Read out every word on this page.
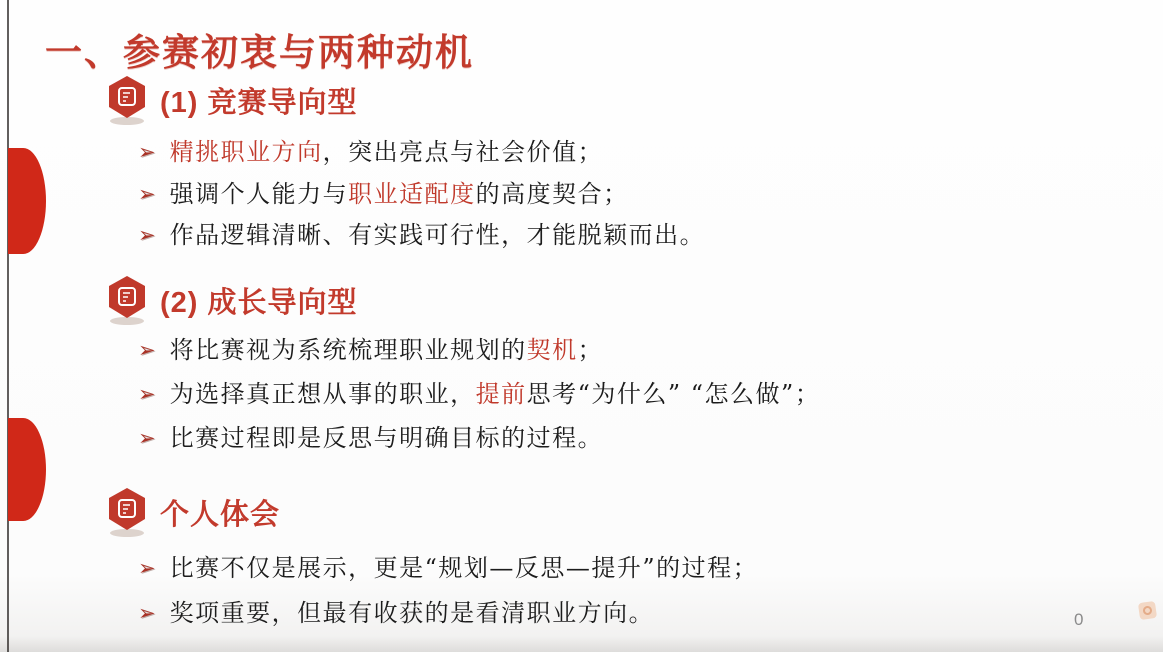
一、参赛初衷与两种动机
(1) 竞赛导向型
➢ 精挑职业方向，突出亮点与社会价值；
➢ 强调个人能力与职业适配度的高度契合；
➢ 作品逻辑清晰、有实践可行性，才能脱颖而出。
(2) 成长导向型
➢ 将比赛视为系统梳理职业规划的契机；
➢ 为选择真正想从事的职业，提前思考“为什么” “怎么做”；
➢ 比赛过程即是反思与明确目标的过程。
个人体会
➢ 比赛不仅是展示，更是“规划—反思—提升”的过程；
➢ 奖项重要，但最有收获的是看清职业方向。	0
